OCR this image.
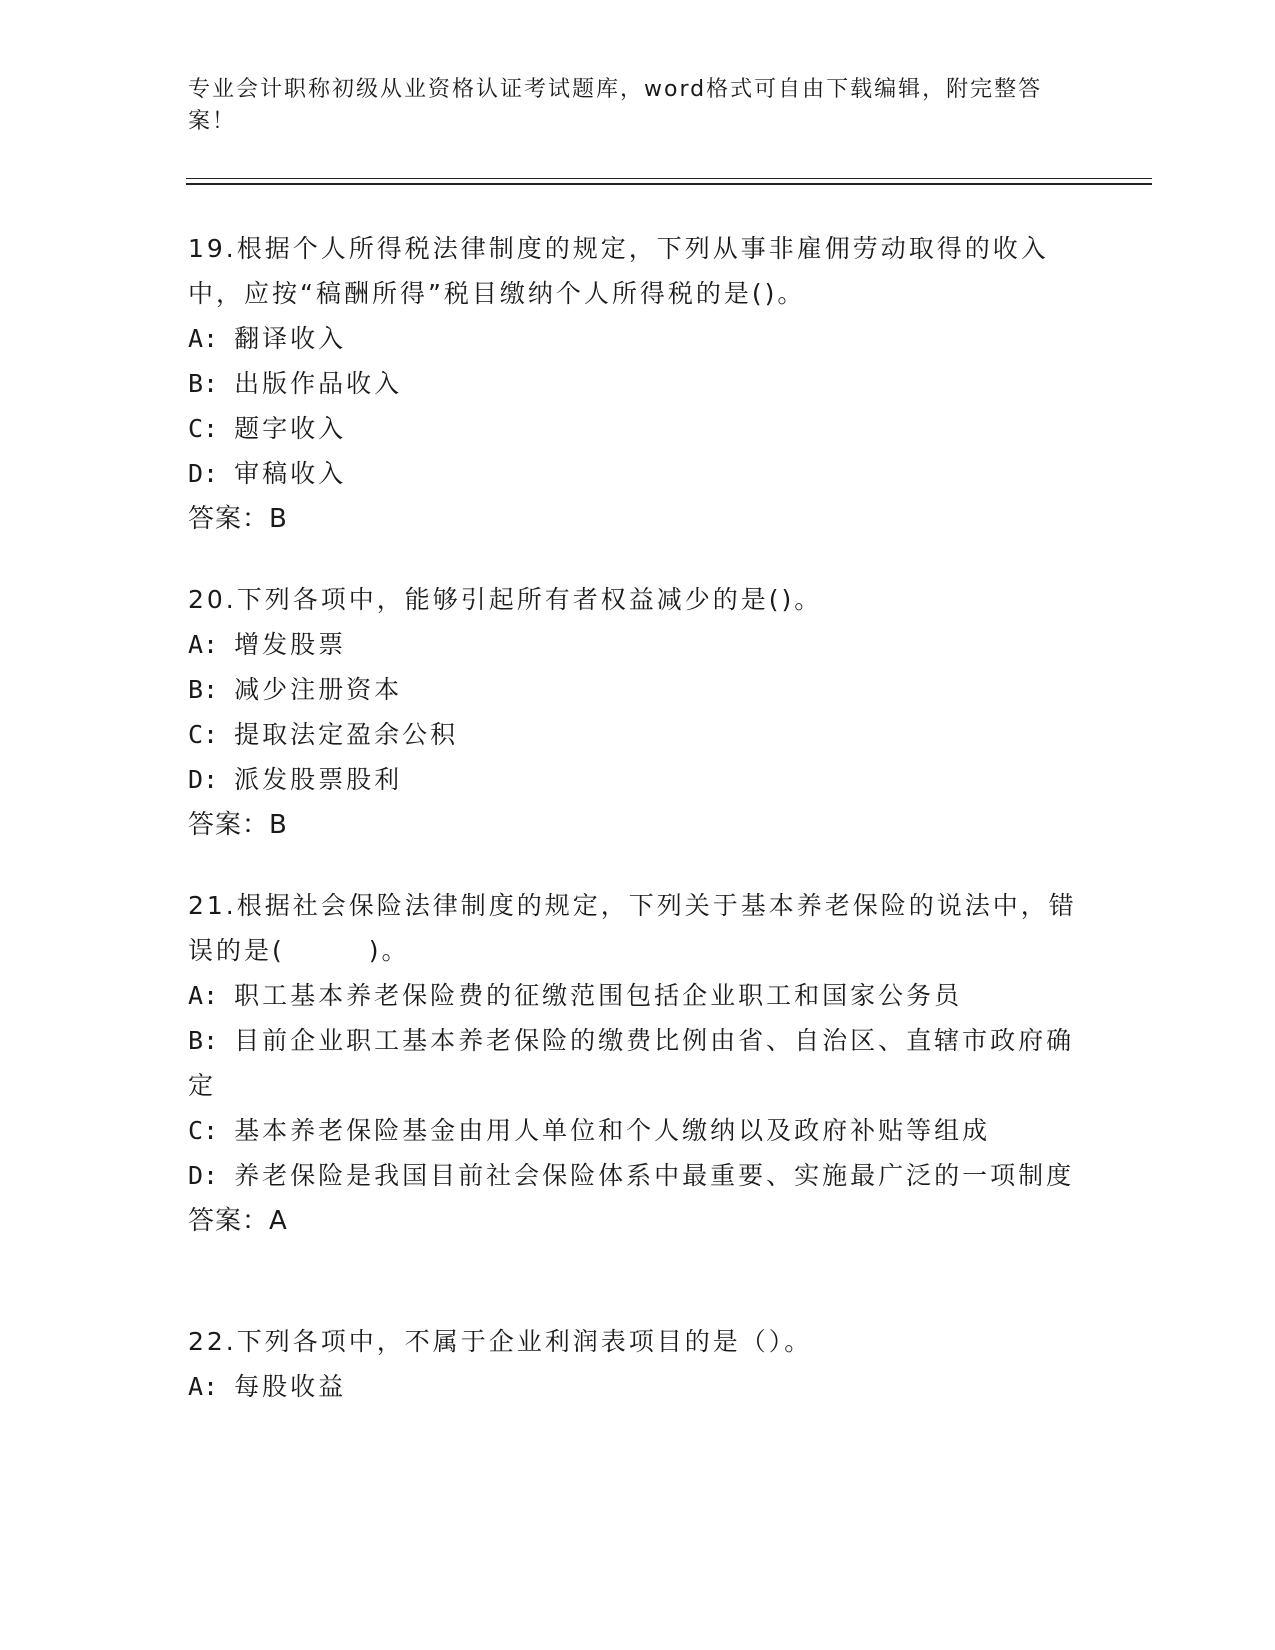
专业会计职称初级从业资格认证考试题库，word格式可自由下载编辑，附完整答案！

19.根据个人所得税法律制度的规定，下列从事非雇佣劳动取得的收入中，应按“稿酬所得”税目缴纳个人所得税的是()。

A: 翻译收入

B: 出版作品收入

C: 题字收入

D: 审稿收入

答案：B

20.下列各项中，能够引起所有者权益减少的是()。

A: 增发股票

B: 减少注册资本

C: 提取法定盈余公积

D: 派发股票股利

答案：B

21.根据社会保险法律制度的规定，下列关于基本养老保险的说法中，错误的是(　　　)。

A: 职工基本养老保险费的征缴范围包括企业职工和国家公务员

B: 目前企业职工基本养老保险的缴费比例由省、自治区、直辖市政府确定

C: 基本养老保险基金由用人单位和个人缴纳以及政府补贴等组成

D: 养老保险是我国目前社会保险体系中最重要、实施最广泛的一项制度

答案：A

22.下列各项中，不属于企业利润表项目的是（）。

A: 每股收益
